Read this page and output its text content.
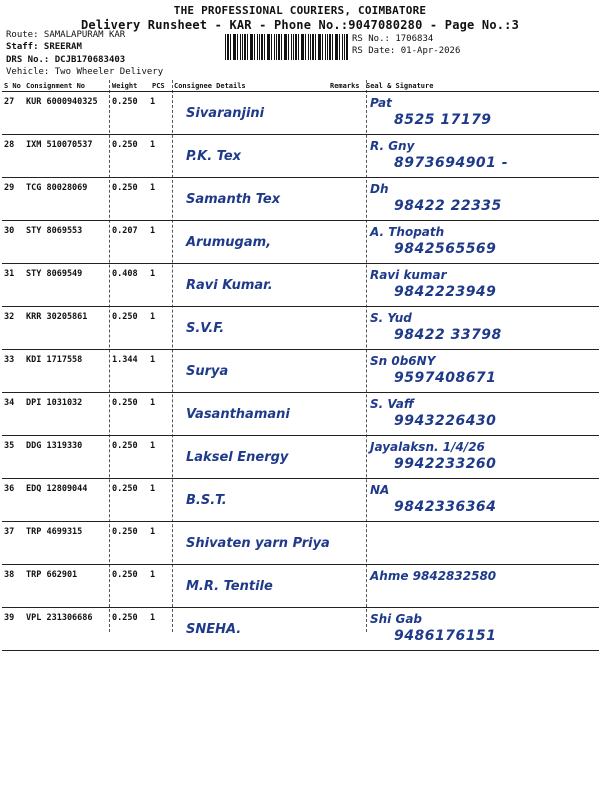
THE PROFESSIONAL COURIERS, COIMBATORE
Delivery Runsheet - KAR - Phone No.:9047080280 - Page No.:3
Route: SAMALAPURAM KAR
Staff: SREERAM
DRS No.: DCJB170683403
Vehicle: Two Wheeler Delivery
RS No.: 1706834
RS Date: 01-Apr-2026
S No	Consignment No	Weight	PCS	Consignee Details	Remarks	Seal & Signature

27	KUR 6000940325	0.250	1	Sivaranjini		Pat
8525 17179

28	IXM 510070537	0.250	1	P.K. Tex		R. Gny
8973694901 -

29	TCG 80028069	0.250	1	Samanth Tex		Dh
98422 22335

30	STY 8069553	0.207	1	Arumugam,		A. Thopath
9842565569

31	STY 8069549	0.408	1	Ravi Kumar.		Ravi kumar
9842223949

32	KRR 30205861	0.250	1	S.V.F.		S. Yud
98422 33798

33	KDI 1717558	1.344	1	Surya		Sn 0b6NY
9597408671

34	DPI 1031032	0.250	1	Vasanthamani		S. Vaff
9943226430

35	DDG 1319330	0.250	1	Laksel Energy		Jayalaksn. 1/4/26
9942233260

36	EDQ 12809044	0.250	1	B.S.T.		NA
9842336364

37	TRP 4699315	0.250	1	Shivaten yarn Priya		

38	TRP 662901	0.250	1	M.R. Tentile		Ahme 9842832580

39	VPL 231306686	0.250	1	SNEHA.		Shi Gab
9486176151
